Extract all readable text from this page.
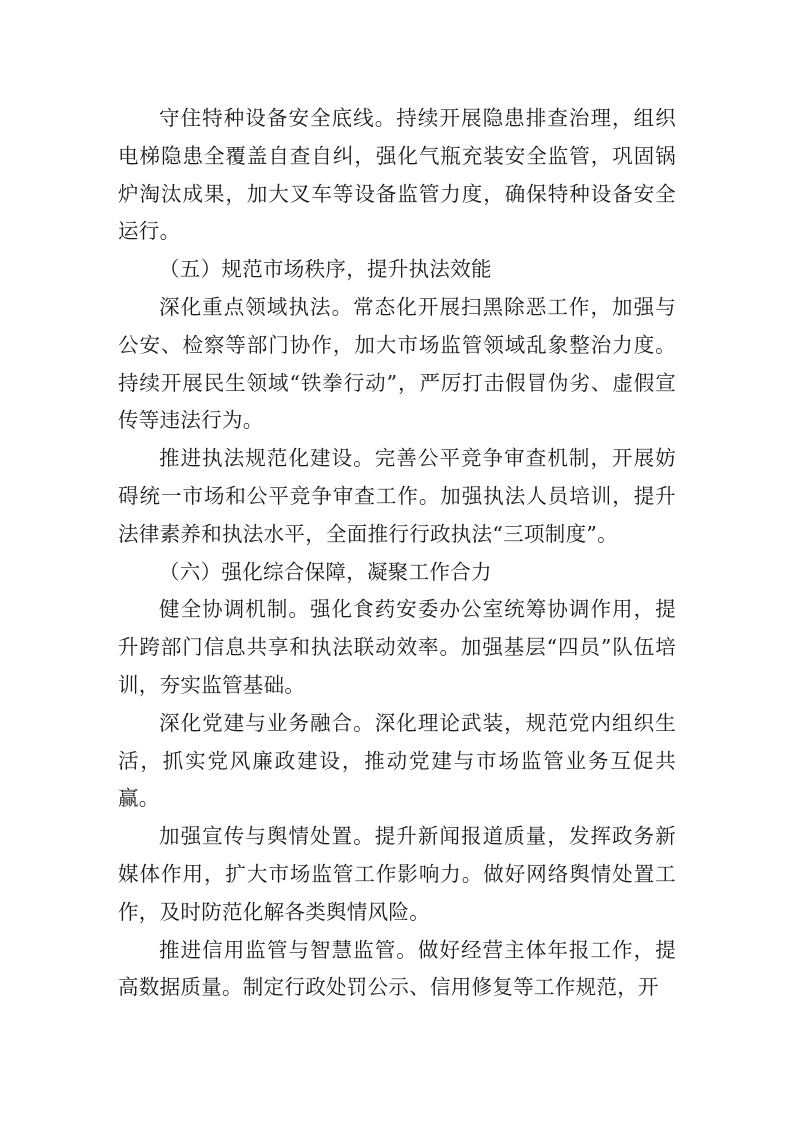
守住特种设备安全底线。持续开展隐患排查治理，组织电梯隐患全覆盖自查自纠，强化气瓶充装安全监管，巩固锅炉淘汰成果，加大叉车等设备监管力度，确保特种设备安全运行。

（五）规范市场秩序，提升执法效能

深化重点领域执法。常态化开展扫黑除恶工作，加强与公安、检察等部门协作，加大市场监管领域乱象整治力度。持续开展民生领域“铁拳行动”，严厉打击假冒伪劣、虚假宣传等违法行为。

推进执法规范化建设。完善公平竞争审查机制，开展妨碍统一市场和公平竞争审查工作。加强执法人员培训，提升法律素养和执法水平，全面推行行政执法“三项制度”。

（六）强化综合保障，凝聚工作合力

健全协调机制。强化食药安委办公室统筹协调作用，提升跨部门信息共享和执法联动效率。加强基层“四员”队伍培训，夯实监管基础。

深化党建与业务融合。深化理论武装，规范党内组织生活，抓实党风廉政建设，推动党建与市场监管业务互促共赢。

加强宣传与舆情处置。提升新闻报道质量，发挥政务新媒体作用，扩大市场监管工作影响力。做好网络舆情处置工作，及时防范化解各类舆情风险。

推进信用监管与智慧监管。做好经营主体年报工作，提高数据质量。制定行政处罚公示、信用修复等工作规范，开
